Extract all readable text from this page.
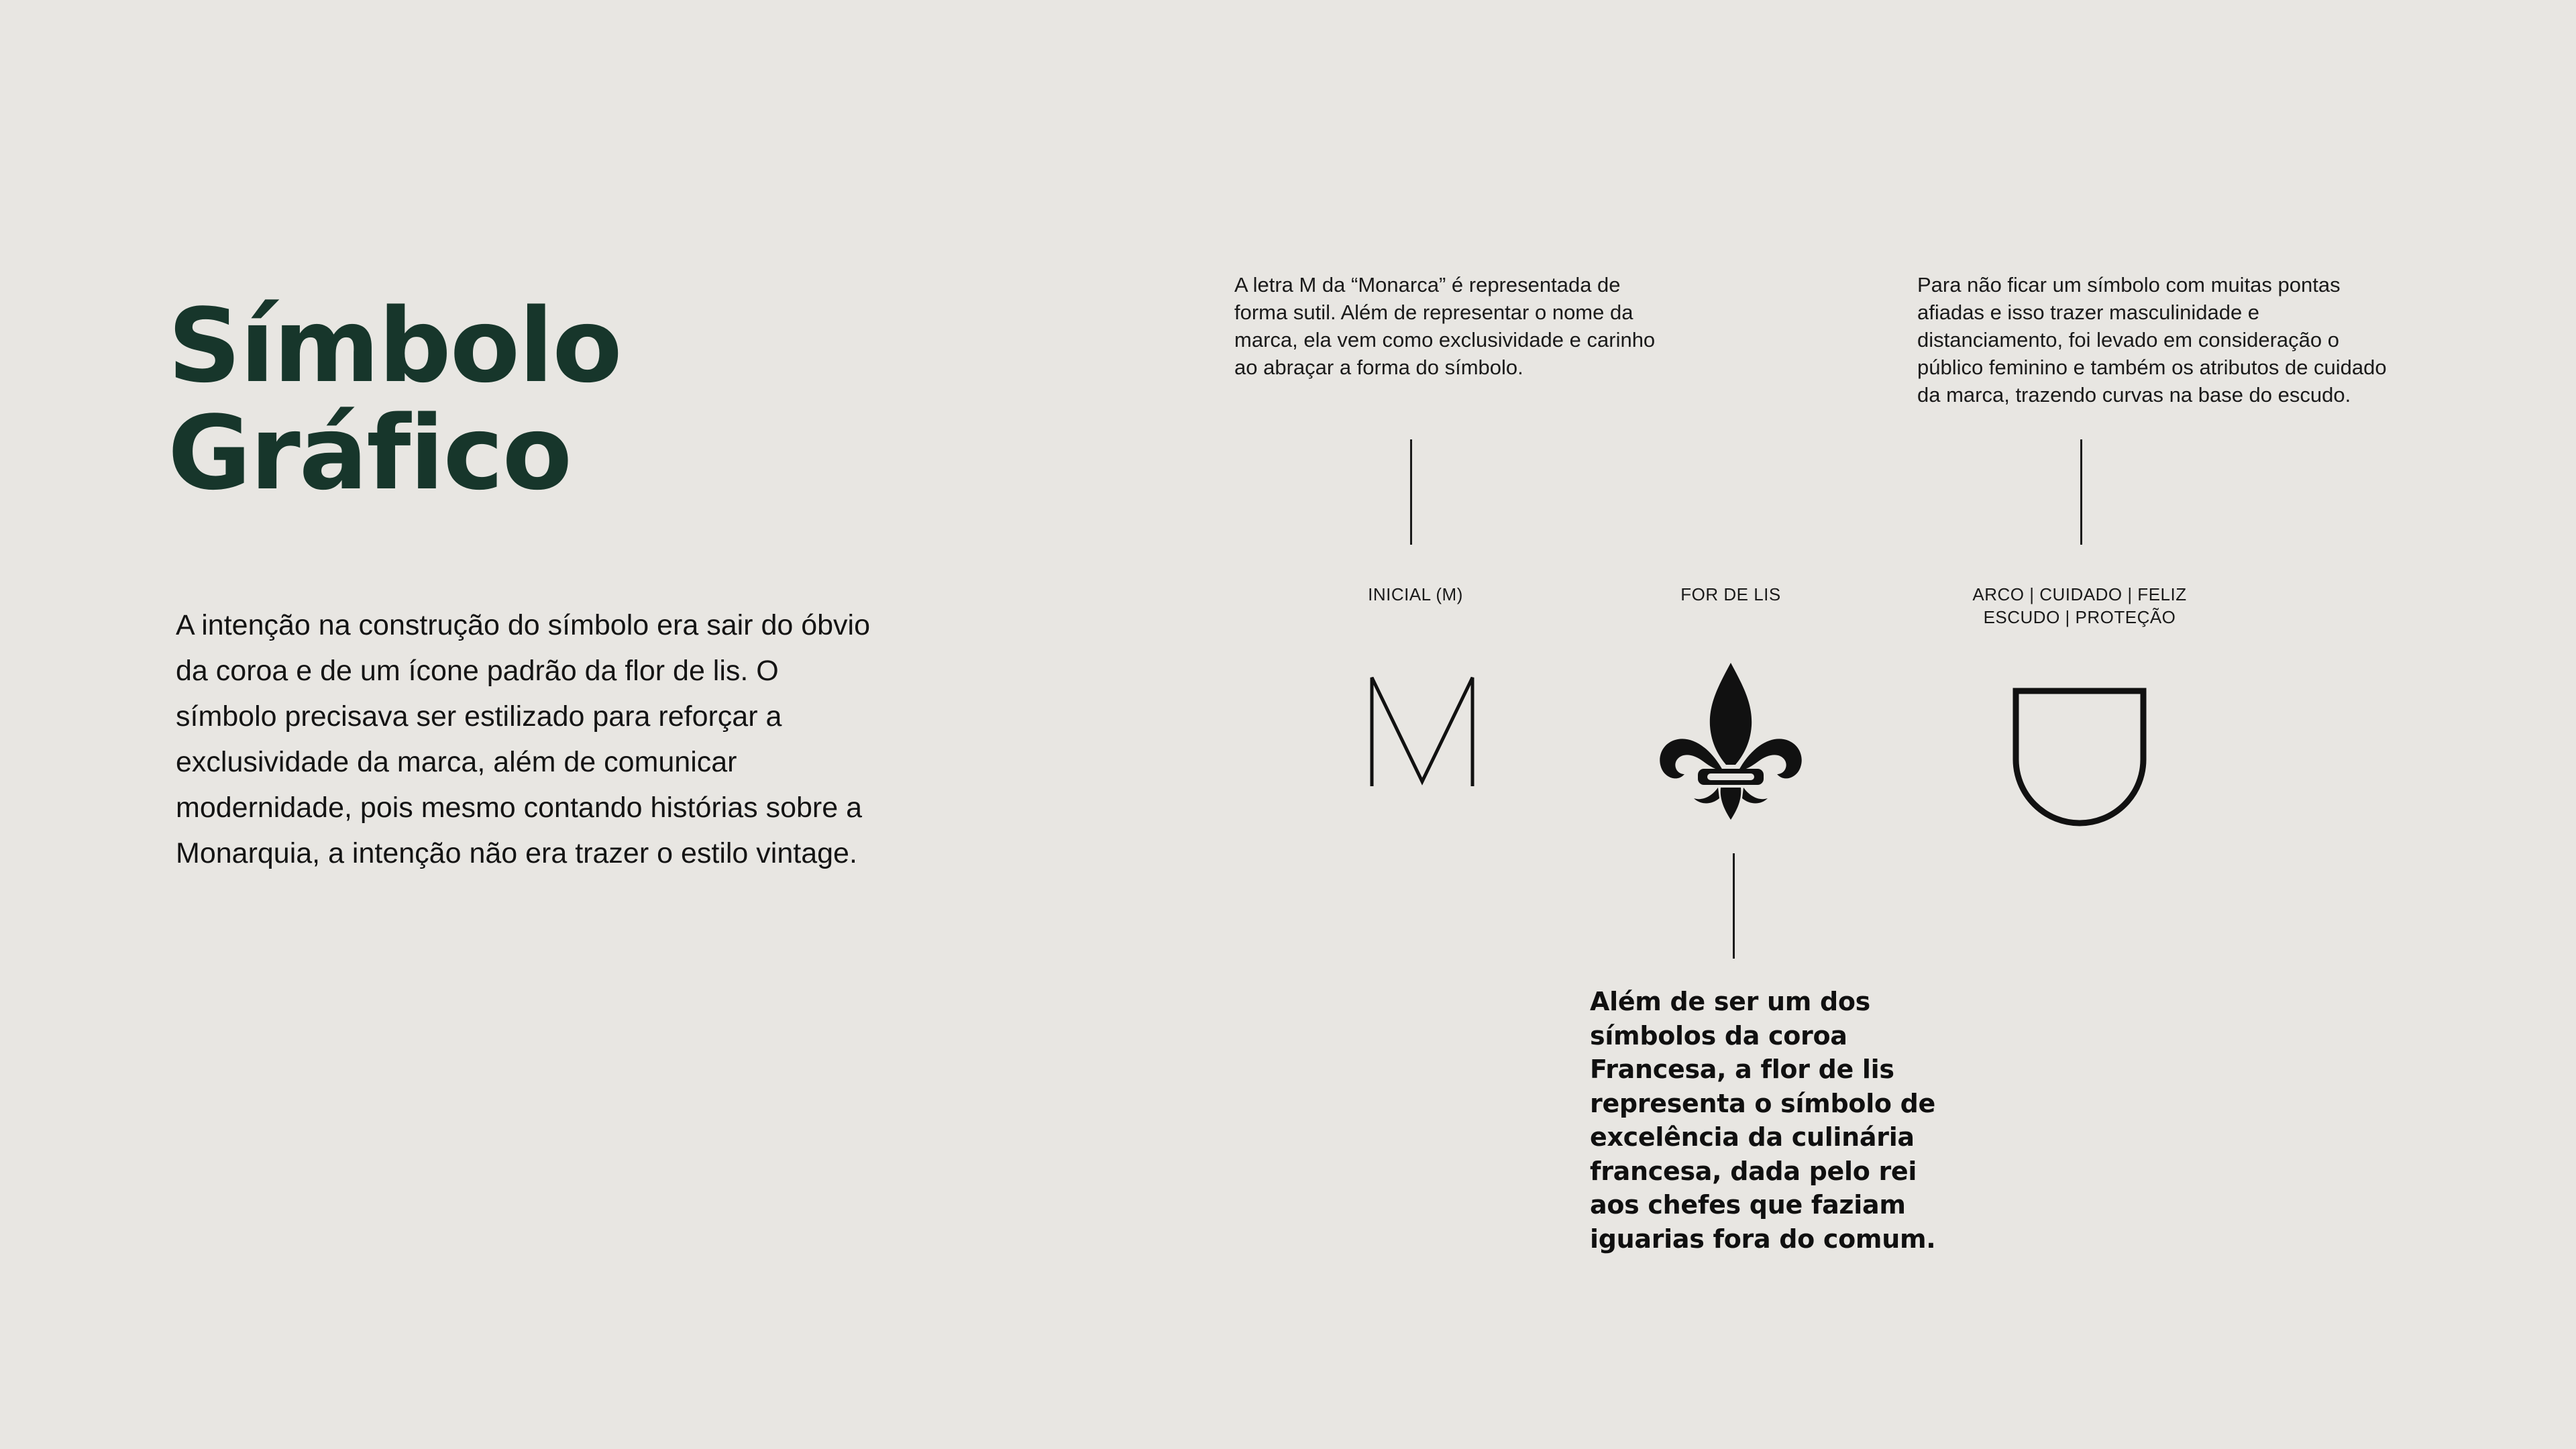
Símbolo
Gráfico

A intenção na construção do símbolo era sair do óbvio da coroa e de um ícone padrão da flor de lis. O símbolo precisava ser estilizado para reforçar a exclusividade da marca, além de comunicar modernidade, pois mesmo contando histórias sobre a Monarquia, a intenção não era trazer o estilo vintage.

A letra M da “Monarca” é representada de forma sutil. Além de representar o nome da marca, ela vem como exclusividade e carinho ao abraçar a forma do símbolo.

Para não ficar um símbolo com muitas pontas afiadas e isso trazer masculinidade e distanciamento, foi levado em consideração o público feminino e também os atributos de cuidado da marca, trazendo curvas na base do escudo.

INICIAL (M)	FOR DE LIS	ARCO | CUIDADO | FELIZ
ESCUDO | PROTEÇÃO

Além de ser um dos símbolos da coroa Francesa, a flor de lis representa o símbolo de excelência da culinária francesa, dada pelo rei aos chefes que faziam iguarias fora do comum.
